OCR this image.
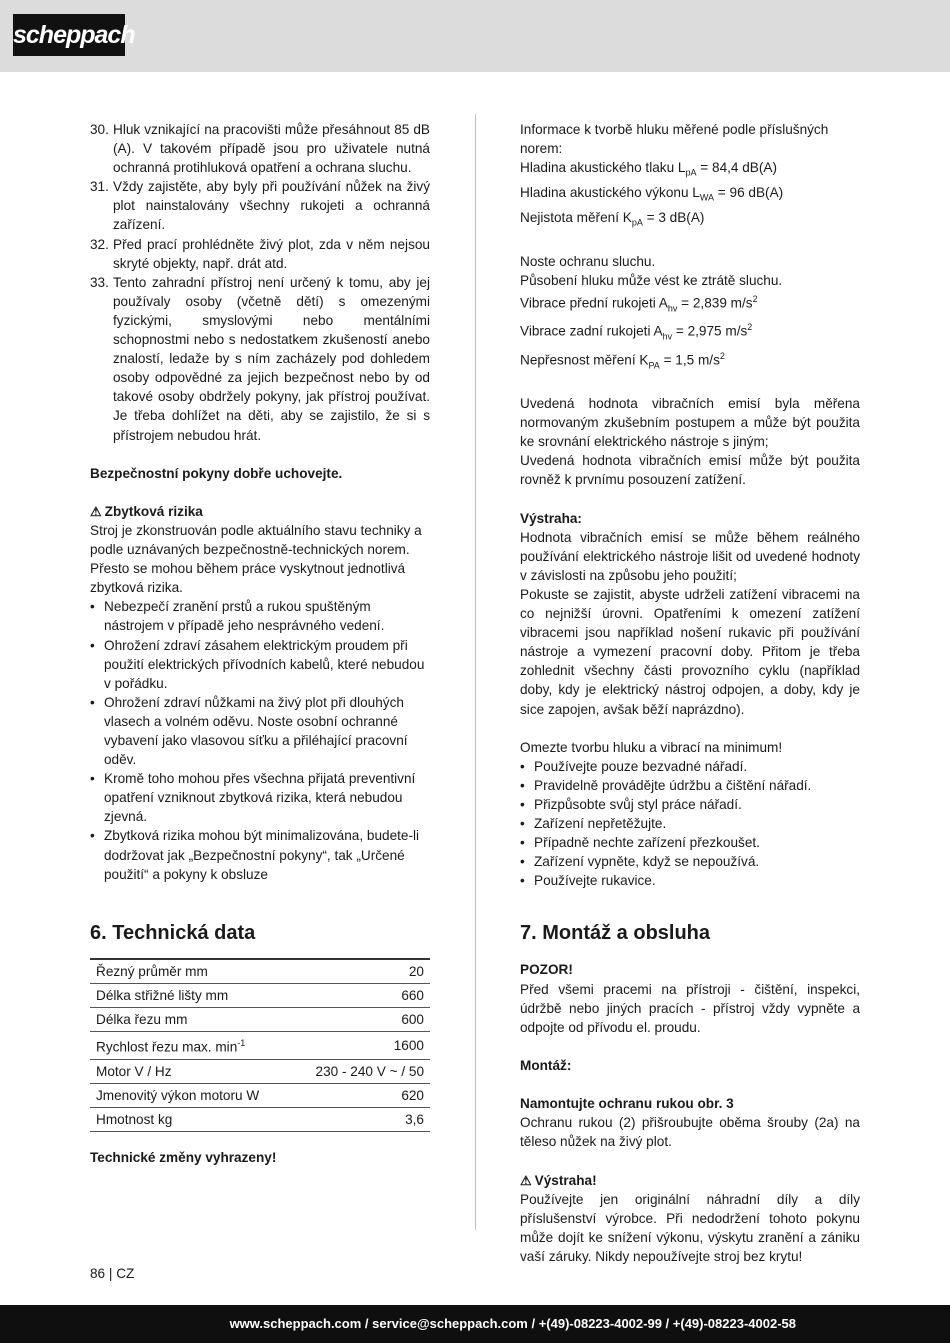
scheppach
30. Hluk vznikající na pracovišti může přesáhnout 85 dB (A). V takovém případě jsou pro uživatele nutná ochranná protihluková opatření a ochrana sluchu.
31. Vždy zajistěte, aby byly při používání nůžek na živý plot nainstalovány všechny rukojeti a ochranná zařízení.
32. Před prací prohlédněte živý plot, zda v něm nejsou skryté objekty, např. drát atd.
33. Tento zahradní přístroj není určený k tomu, aby jej používaly osoby (včetně dětí) s omezenými fyzickými, smyslovými nebo mentálními schopnostmi nebo s nedostatkem zkušeností anebo znalostí, ledaže by s ním zacházely pod dohledem osoby odpovědné za jejich bezpečnost nebo by od takové osoby obdržely pokyny, jak přístroj používat. Je třeba dohlížet na děti, aby se zajistilo, že si s přístrojem nebudou hrát.

Bezpečnostní pokyny dobře uchovejte.

⚠ Zbytková rizika

Stroj je zkonstruován podle aktuálního stavu techniky a podle uznávaných bezpečnostně-technických norem. Přesto se mohou během práce vyskytnout jednotlivá zbytková rizika.

• Nebezpečí zranění prstů a rukou spuštěným nástrojem v případě jeho nesprávného vedení.
• Ohrožení zdraví zásahem elektrickým proudem při použití elektrických přívodních kabelů, které nebudou v pořádku.
• Ohrožení zdraví nůžkami na živý plot při dlouhých vlasech a volném oděvu. Noste osobní ochranné vybavení jako vlasovou síťku a přiléhající pracovní oděv.
• Kromě toho mohou přes všechna přijatá preventivní opatření vzniknout zbytková rizika, která nebudou zjevná.
• Zbytková rizika mohou být minimalizována, budete-li dodržovat jak „Bezpečnostní pokyny“, tak „Určené použití“ a pokyny k obsluze

6. Technická data

Řezný průměr mm	20
Délka střižné lišty mm	660
Délka řezu mm	600
Rychlost řezu max. $\min^{-1}$	1600
Motor V / Hz	230 - 240 V ~ / 50
Jmenovitý výkon motoru W	620
Hmotnost kg	3,6

Technické změny vyhrazeny!

Informace k tvorbě hluku měřené podle příslušných norem:

Hladina akustického tlaku $L_{pA} = 84,4$ dB(A)

Hladina akustického výkonu $L_{WA} = 96$ dB(A)

Nejistota měření $K_{pA} = 3$ dB(A)

Noste ochranu sluchu.

Působení hluku může vést ke ztrátě sluchu.

Vibrace přední rukojeti $A_{hv} = 2,839$ $m/s^2$

Vibrace zadní rukojeti $A_{hv} = 2,975$ $m/s^2$

Nepřesnost měření $K_{PA} = 1,5$ $m/s^2$

Uvedená hodnota vibračních emisí byla měřena normovaným zkušebním postupem a může být použita ke srovnání elektrického nástroje s jiným;

Uvedená hodnota vibračních emisí může být použita rovněž k prvnímu posouzení zatížení.

Výstraha:

Hodnota vibračních emisí se může během reálného používání elektrického nástroje lišit od uvedené hodnoty v závislosti na způsobu jeho použití;

Pokuste se zajistit, abyste udrželi zatížení vibracemi na co nejnižší úrovni. Opatřeními k omezení zatížení vibracemi jsou například nošení rukavic při používání nástroje a vymezení pracovní doby. Přitom je třeba zohlednit všechny části provozního cyklu (například doby, kdy je elektrický nástroj odpojen, a doby, kdy je sice zapojen, avšak běží naprázdno).

Omezte tvorbu hluku a vibrací na minimum!

• Používejte pouze bezvadné nářadí.
• Pravidelně provádějte údržbu a čištění nářadí.
• Přizpůsobte svůj styl práce nářadí.
• Zařízení nepřetěžujte.
• Případně nechte zařízení přezkoušet.
• Zařízení vypněte, když se nepoužívá.
• Používejte rukavice.

7. Montáž a obsluha

POZOR!

Před všemi pracemi na přístroji - čištění, inspekci, údržbě nebo jiných pracích - přístroj vždy vypněte a odpojte od přívodu el. proudu.

Montáž:

Namontujte ochranu rukou obr. 3

Ochranu rukou (2) přišroubujte oběma šrouby (2a) na těleso nůžek na živý plot.

⚠ Výstraha!

Používejte jen originální náhradní díly a díly příslušenství výrobce. Při nedodržení tohoto pokynu může dojít ke snížení výkonu, výskytu zranění a zániku vaší záruky. Nikdy nepoužívejte stroj bez krytu!

86 | CZ
www.scheppach.com / service@scheppach.com / +(49)-08223-4002-99 / +(49)-08223-4002-58
